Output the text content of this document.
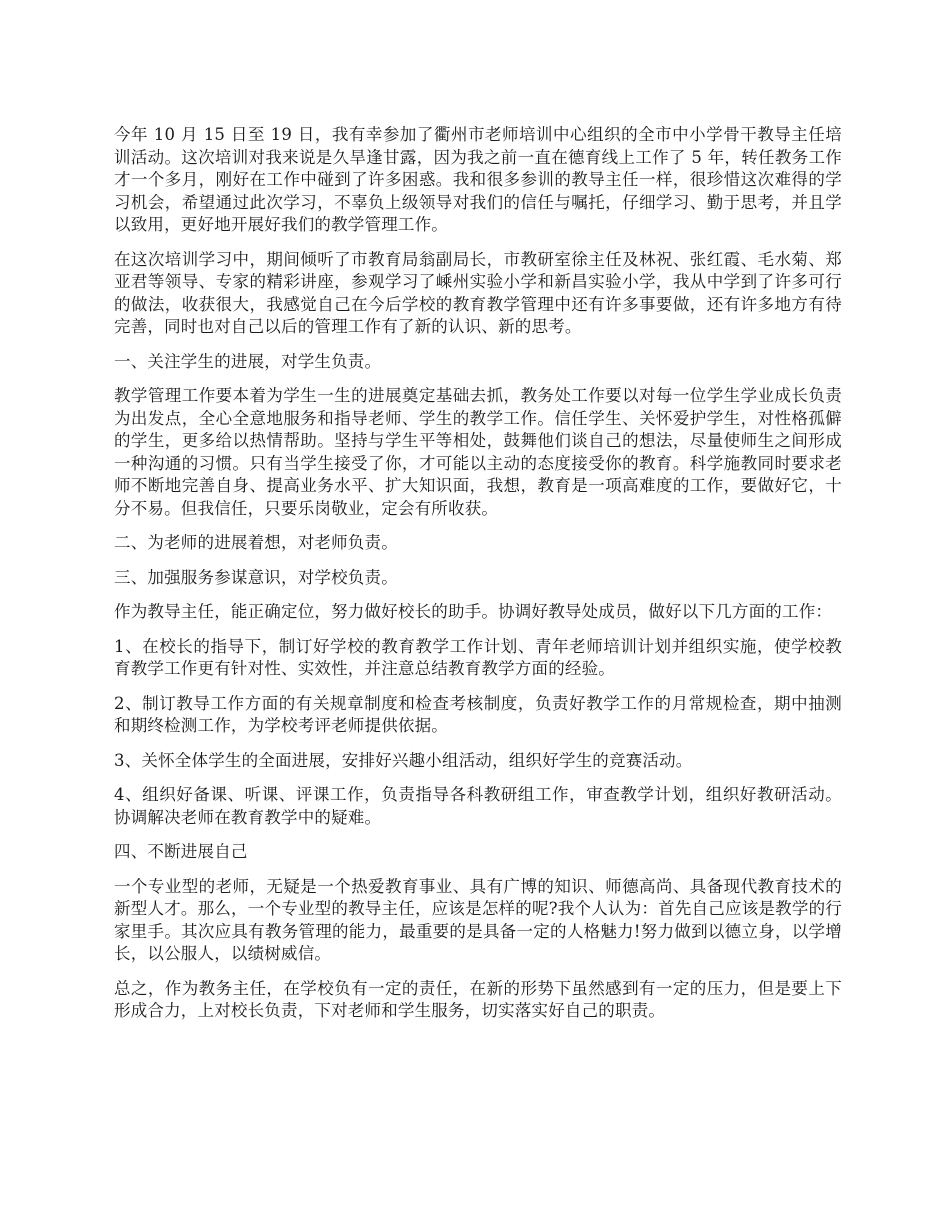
今年 10 月 15 日至 19 日，我有幸参加了衢州市老师培训中心组织的全市中小学骨干教导主任培训活动。这次培训对我来说是久旱逢甘露，因为我之前一直在德育线上工作了 5 年，转任教务工作才一个多月，刚好在工作中碰到了许多困惑。我和很多参训的教导主任一样，很珍惜这次难得的学习机会，希望通过此次学习，不辜负上级领导对我们的信任与嘱托，仔细学习、勤于思考，并且学以致用，更好地开展好我们的教学管理工作。

在这次培训学习中，期间倾听了市教育局翁副局长，市教研室徐主任及林祝、张红霞、毛水菊、郑亚君等领导、专家的精彩讲座，参观学习了嵊州实验小学和新昌实验小学，我从中学到了许多可行的做法，收获很大，我感觉自己在今后学校的教育教学管理中还有许多事要做，还有许多地方有待完善，同时也对自己以后的管理工作有了新的认识、新的思考。

一、关注学生的进展，对学生负责。

教学管理工作要本着为学生一生的进展奠定基础去抓，教务处工作要以对每一位学生学业成长负责为出发点，全心全意地服务和指导老师、学生的教学工作。信任学生、关怀爱护学生，对性格孤僻的学生，更多给以热情帮助。坚持与学生平等相处，鼓舞他们谈自己的想法，尽量使师生之间形成一种沟通的习惯。只有当学生接受了你，才可能以主动的态度接受你的教育。科学施教同时要求老师不断地完善自身、提高业务水平、扩大知识面，我想，教育是一项高难度的工作，要做好它，十分不易。但我信任，只要乐岗敬业，定会有所收获。

二、为老师的进展着想，对老师负责。

三、加强服务参谋意识，对学校负责。

作为教导主任，能正确定位，努力做好校长的助手。协调好教导处成员，做好以下几方面的工作：

1、在校长的指导下，制订好学校的教育教学工作计划、青年老师培训计划并组织实施，使学校教育教学工作更有针对性、实效性，并注意总结教育教学方面的经验。

2、制订教导工作方面的有关规章制度和检查考核制度，负责好教学工作的月常规检查，期中抽测和期终检测工作，为学校考评老师提供依据。

3、关怀全体学生的全面进展，安排好兴趣小组活动，组织好学生的竞赛活动。

4、组织好备课、听课、评课工作，负责指导各科教研组工作，审查教学计划，组织好教研活动。协调解决老师在教育教学中的疑难。

四、不断进展自己

一个专业型的老师，无疑是一个热爱教育事业、具有广博的知识、师德高尚、具备现代教育技术的新型人才。那么，一个专业型的教导主任，应该是怎样的呢?我个人认为：首先自己应该是教学的行家里手。其次应具有教务管理的能力，最重要的是具备一定的人格魅力!努力做到以德立身，以学增长，以公服人，以绩树威信。

总之，作为教务主任，在学校负有一定的责任，在新的形势下虽然感到有一定的压力，但是要上下形成合力，上对校长负责，下对老师和学生服务，切实落实好自己的职责。
